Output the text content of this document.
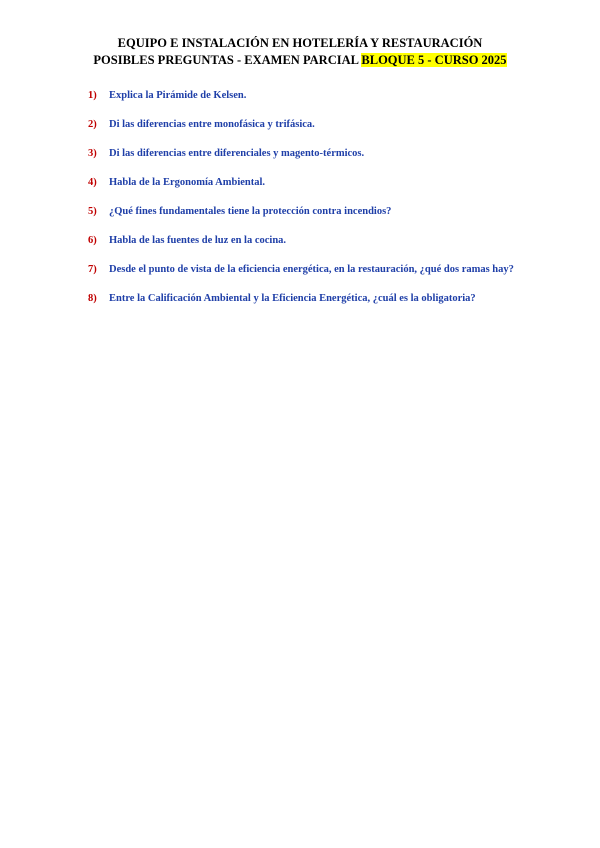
EQUIPO E INSTALACIÓN EN HOTELERÍA Y RESTAURACIÓN
POSIBLES PREGUNTAS - EXAMEN PARCIAL BLOQUE 5 - CURSO 2025
1) Explica la Pirámide de Kelsen.
2) Di las diferencias entre monofásica y trifásica.
3) Di las diferencias entre diferenciales y magento-térmicos.
4) Habla de la Ergonomía Ambiental.
5) ¿Qué fines fundamentales tiene la protección contra incendios?
6) Habla de las fuentes de luz en la cocina.
7) Desde el punto de vista de la eficiencia energética, en la restauración, ¿qué dos ramas hay?
8) Entre la Calificación Ambiental y la Eficiencia Energética, ¿cuál es la obligatoria?
